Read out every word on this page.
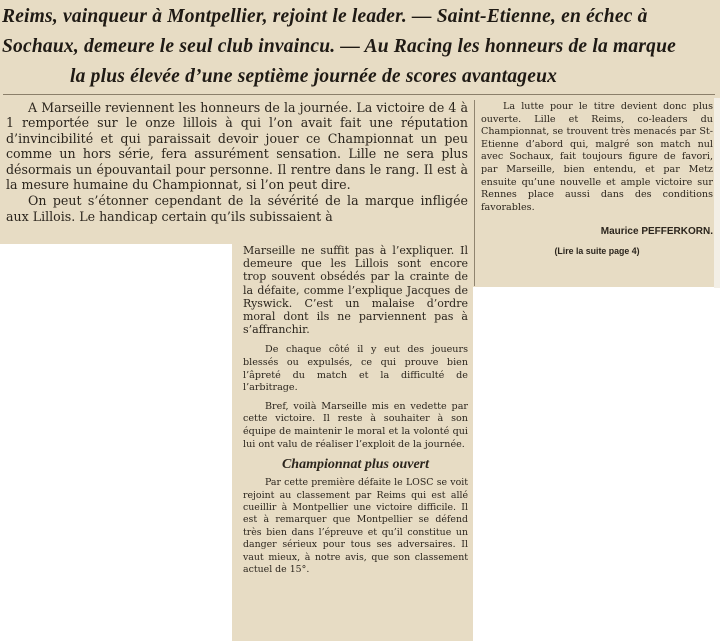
Reims, vainqueur à Montpellier, rejoint le leader. — Saint-Etienne, en échec à
Sochaux, demeure le seul club invaincu. — Au Racing les honneurs de la marque
la plus élevée d’une septième journée de scores avantageux

A Marseille reviennent les honneurs de la journée. La victoire de 4 à 1 remportée sur le onze lillois à qui l’on avait fait une réputation d’invincibilité et qui paraissait devoir jouer ce Championnat un peu comme un hors série, fera assurément sensation. Lille ne sera plus désormais un épouvantail pour personne. Il rentre dans le rang. Il est à la mesure humaine du Championnat, si l’on peut dire.

On peut s’étonner cependant de la sévérité de la marque infligée aux Lillois. Le handicap certain qu’ils subissaient à

Marseille ne suffit pas à l’expliquer. Il demeure que les Lillois sont encore trop souvent obsédés par la crainte de la défaite, comme l’explique Jacques de Ryswick. C’est un malaise d’ordre moral dont ils ne parviennent pas à s’affranchir.

De chaque côté il y eut des joueurs blessés ou expulsés, ce qui prouve bien l’âpreté du match et la difficulté de l’arbitrage.

Bref, voilà Marseille mis en vedette par cette victoire. Il reste à souhaiter à son équipe de maintenir le moral et la volonté qui lui ont valu de réaliser l’exploit de la journée.

Championnat plus ouvert

Par cette première défaite le LOSC se voit rejoint au classement par Reims qui est allé cueillir à Montpellier une victoire difficile. Il est à remarquer que Montpellier se défend très bien dans l’épreuve et qu’il constitue un danger sérieux pour tous ses adversaires. Il vaut mieux, à notre avis, que son classement actuel de 15°.

La lutte pour le titre devient donc plus ouverte. Lille et Reims, co-leaders du Championnat, se trouvent très menacés par St-Etienne d’abord qui, malgré son match nul avec Sochaux, fait toujours figure de favori, par Marseille, bien entendu, et par Metz ensuite qu’une nouvelle et ample victoire sur Rennes place aussi dans des conditions favorables.

Maurice PEFFERKORN.
(Lire la suite page 4)
